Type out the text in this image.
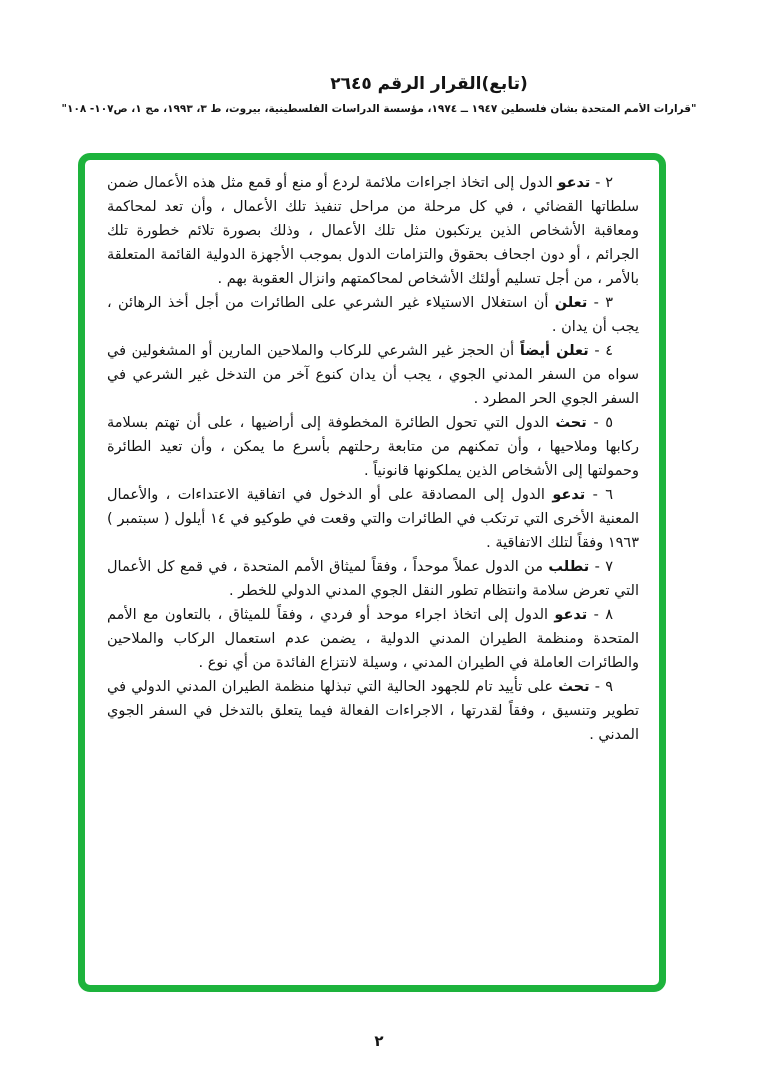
(تابع)القرار الرقم ٢٦٤٥
"قرارات الأمم المتحدة بشأن فلسطين ١٩٤٧ ــ ١٩٧٤، مؤسسة الدراسات الفلسطينية، بيروت، ط ٣، ١٩٩٣، مج ١، ص١٠٧- ١٠٨"

٢ - تدعو الدول إلى اتخاذ اجراءات ملائمة لردع أو منع أو قمع مثل هذه الأعمال ضمن سلطاتها القضائي ، في كل مرحلة من مراحل تنفيذ تلك الأعمال ، وأن تعد لمحاكمة ومعاقبة الأشخاص الذين يرتكبون مثل تلك الأعمال ، وذلك بصورة تلائم خطورة تلك الجرائم ، أو دون اجحاف بحقوق والتزامات الدول بموجب الأجهزة الدولية القائمة المتعلقة بالأمر ، من أجل تسليم أولئك الأشخاص لمحاكمتهم وانزال العقوبة بهم .

٣ - تعلن أن استغلال الاستيلاء غير الشرعي على الطائرات من أجل أخذ الرهائن ، يجب أن يدان .

٤ - تعلن أيضاً أن الحجز غير الشرعي للركاب والملاحين المارين أو المشغولين في سواه من السفر المدني الجوي ، يجب أن يدان كنوع آخر من التدخل غير الشرعي في السفر الجوي الحر المطرد .

٥ - تحث الدول التي تحول الطائرة المخطوفة إلى أراضيها ، على أن تهتم بسلامة ركابها وملاحيها ، وأن تمكنهم من متابعة رحلتهم بأسرع ما يمكن ، وأن تعيد الطائرة وحمولتها إلى الأشخاص الذين يملكونها قانونياً .

٦ - تدعو الدول إلى المصادقة على أو الدخول في اتفاقية الاعتداءات ، والأعمال المعنية الأخرى التي ترتكب في الطائرات والتي وقعت في طوكيو في ١٤ أيلول ( سبتمبر ) ١٩٦٣ وفقاً لتلك الاتفاقية .

٧ - تطلب من الدول عملاً موحداً ، وفقاً لميثاق الأمم المتحدة ، في قمع كل الأعمال التي تعرض سلامة وانتظام تطور النقل الجوي المدني الدولي للخطر .

٨ - تدعو الدول إلى اتخاذ اجراء موحد أو فردي ، وفقاً للميثاق ، بالتعاون مع الأمم المتحدة ومنظمة الطيران المدني الدولية ، يضمن عدم استعمال الركاب والملاحين والطائرات العاملة في الطيران المدني ، وسيلة لانتزاع الفائدة من أي نوع .

٩ - تحث على تأييد تام للجهود الحالية التي تبذلها منظمة الطيران المدني الدولي في تطوير وتنسيق ، وفقاً لقدرتها ، الاجراءات الفعالة فيما يتعلق بالتدخل في السفر الجوي المدني .

٢
